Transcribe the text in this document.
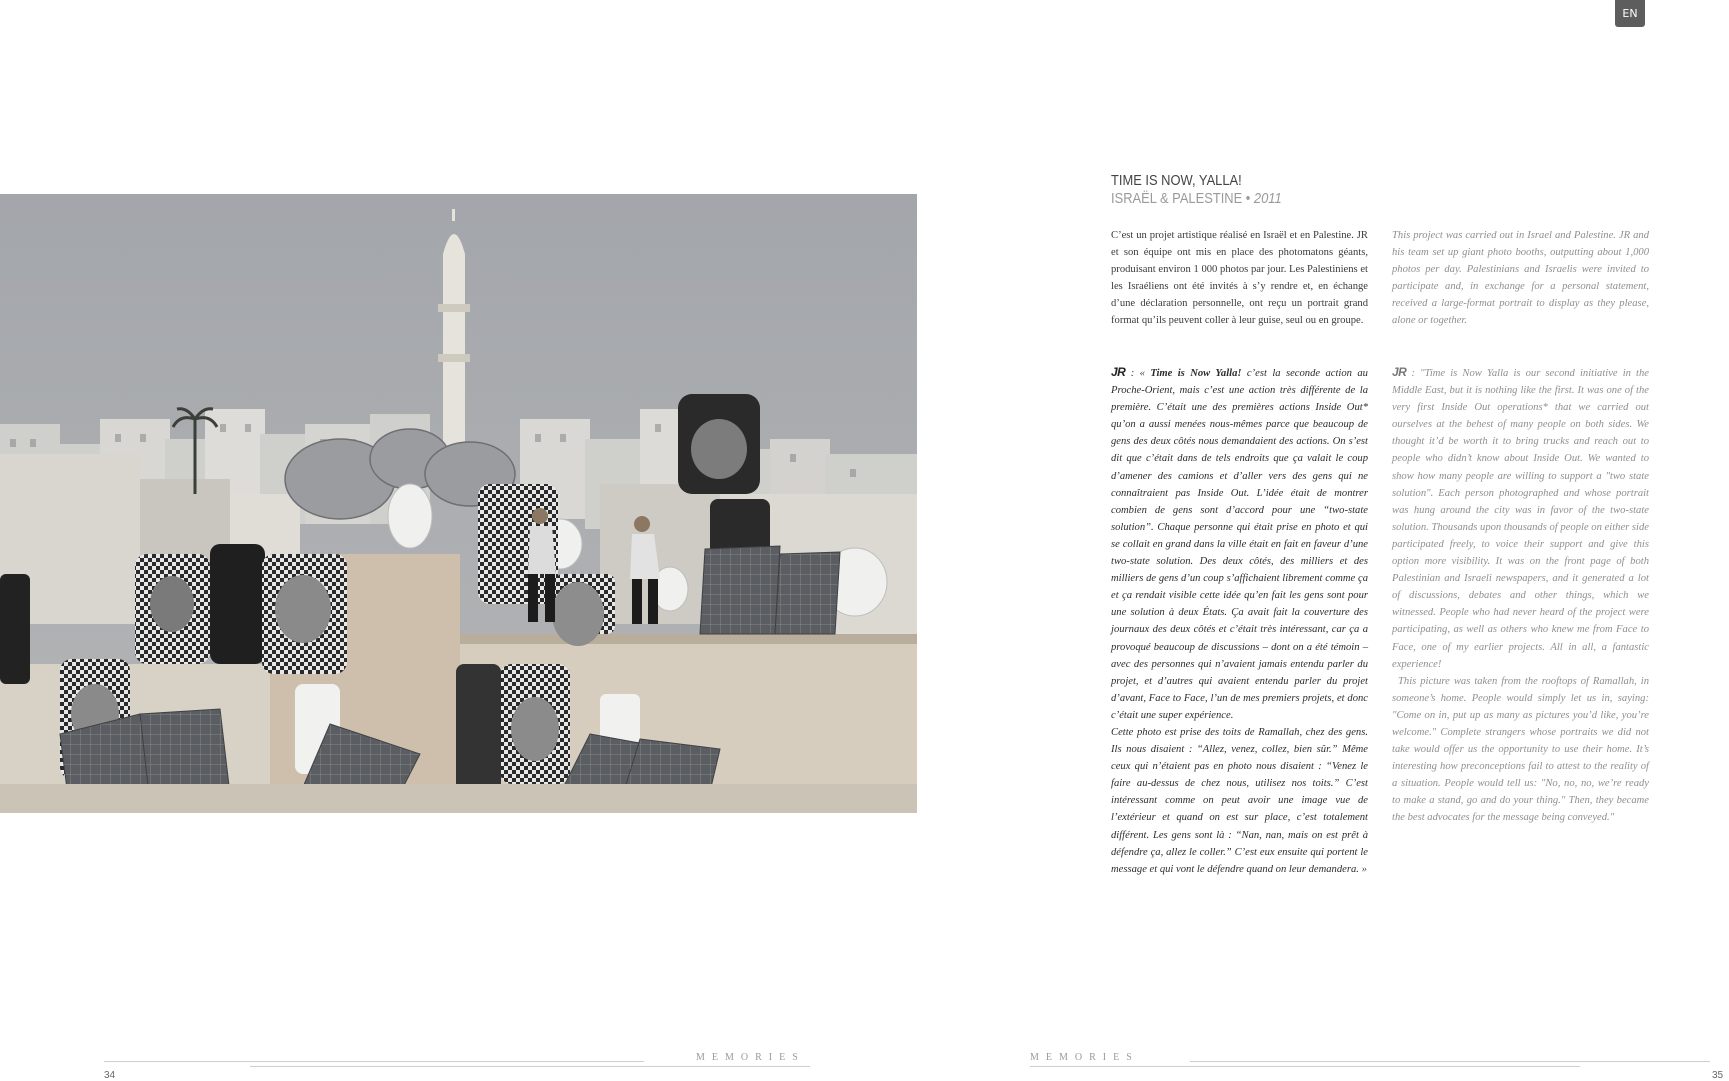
EN
TIME IS NOW, YALLA!
ISRAËL & PALESTINE • 2011

C’est un projet artistique réalisé en Israël et en Palestine. JR et son équipe ont mis en place des photomatons géants, produisant environ 1 000 photos par jour. Les Palestiniens et les Israéliens ont été invités à s’y rendre et, en échange d’une déclaration personnelle, ont reçu un portrait grand format qu’ils peuvent coller à leur guise, seul ou en groupe.

This project was carried out in Israel and Palestine. JR and his team set up giant photo booths, outputting about 1,000 photos per day. Palestinians and Israelis were invited to participate and, in exchange for a personal statement, received a large-format portrait to display as they please, alone or together.

JR : « Time is Now Yalla! c’est la seconde action au Proche-Orient, mais c’est une action très différente de la première. C’était une des premières actions Inside Out* qu’on a aussi menées nous-mêmes parce que beaucoup de gens des deux côtés nous demandaient des actions. On s’est dit que c’était dans de tels endroits que ça valait le coup d’amener des camions et d’aller vers des gens qui ne connaîtraient pas Inside Out. L’idée était de montrer combien de gens sont d’accord pour une “two-state solution”. Chaque personne qui était prise en photo et qui se collait en grand dans la ville était en fait en faveur d’une two-state solution. Des deux côtés, des milliers et des milliers de gens d’un coup s’affichaient librement comme ça et ça rendait visible cette idée qu’en fait les gens sont pour une solution à deux États. Ça avait fait la couverture des journaux des deux côtés et c’était très intéressant, car ça a provoqué beaucoup de discussions – dont on a été témoin – avec des personnes qui n’avaient jamais entendu parler du projet, et d’autres qui avaient entendu parler du projet d’avant, Face to Face, l’un de mes premiers projets, et donc c’était une super expérience.

Cette photo est prise des toits de Ramallah, chez des gens. Ils nous disaient : “Allez, venez, collez, bien sûr.” Même ceux qui n’étaient pas en photo nous disaient : “Venez le faire au-dessus de chez nous, utilisez nos toits.” C’est intéressant comme on peut avoir une image vue de l’extérieur et quand on est sur place, c’est totalement différent. Les gens sont là : “Nan, nan, mais on est prêt à défendre ça, allez le coller.” C’est eux ensuite qui portent le message et qui vont le défendre quand on leur demandera. »

JR : "Time is Now Yalla is our second initiative in the Middle East, but it is nothing like the first. It was one of the very first Inside Out operations* that we carried out ourselves at the behest of many people on both sides. We thought it’d be worth it to bring trucks and reach out to people who didn’t know about Inside Out. We wanted to show how many people are willing to support a "two state solution". Each person photographed and whose portrait was hung around the city was in favor of the two-state solution. Thousands upon thousands of people on either side participated freely, to voice their support and give this option more visibility. It was on the front page of both Palestinian and Israeli newspapers, and it generated a lot of discussions, debates and other things, which we witnessed. People who had never heard of the project were participating, as well as others who knew me from Face to Face, one of my earlier projects. All in all, a fantastic experience!

This picture was taken from the rooftops of Ramallah, in someone’s home. People would simply let us in, saying: "Come on in, put up as many as pictures you’d like, you’re welcome." Complete strangers whose portraits we did not take would offer us the opportunity to use their home. It’s interesting how preconceptions fail to attest to the reality of a situation. People would tell us: "No, no, no, we’re ready to make a stand, go and do your thing." Then, they became the best advocates for the message being conveyed."

MEMORIES
34
MEMORIES
35
